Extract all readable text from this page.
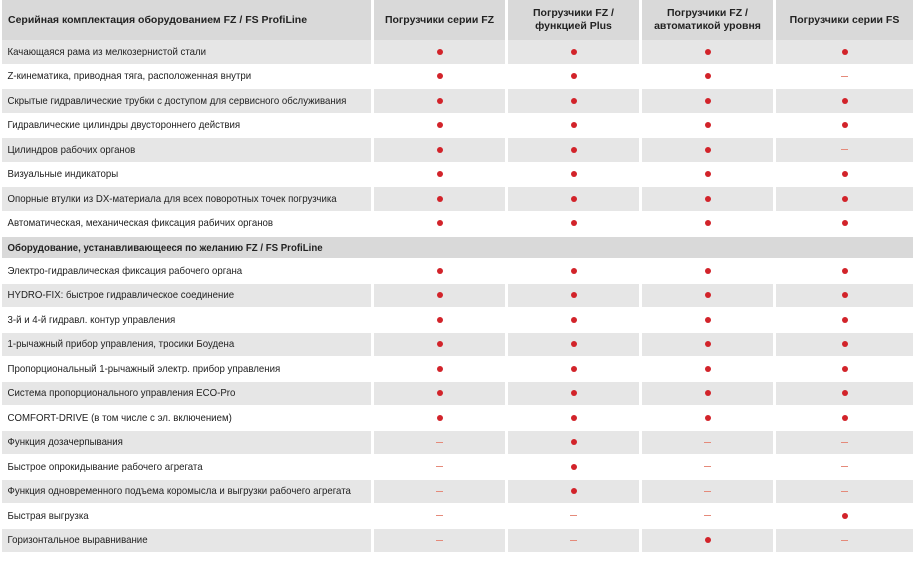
Серийная комплектация оборудованием FZ / FS ProfiLine	Погрузчики серии FZ
Погрузчики FZ /
функцией Plus
Погрузчики FZ /
автоматикой уровня
Погрузчики серии FS
Качающаяся рама из мелкозернистой стали
Z-кинематика, приводная тяга, расположенная внутри
Скрытые гидравлические трубки с доступом для сервисного обслуживания
Гидравлические цилиндры двустороннего действия
Цилиндров рабочих органов
Визуальные индикаторы
Опорные втулки из DX-материала для всех поворотных точек погрузчика
Автоматическая, механическая фиксация рабичих органов
Оборудование, устанавливающееся по желанию FZ / FS ProfiLine
Электро-гидравлическая фиксация рабочего органа
HYDRO-FIX: быстрое гидравлическое соединение
3-й и 4-й гидравл. контур управления
1-рычажный прибор управления, тросики Боудена
Пропорциональный 1-рычажный электр. прибор управления
Система пропорционального управления ECO-Pro
COMFORT-DRIVE (в том числе с эл. включением)
Функция дозачерпывания
Быстрое опрокидывание рабочего агрегата
Функция одновременного подъема коромысла и выгрузки рабочего агрегата
Быстрая выгрузка
Горизонтальное выравнивание
